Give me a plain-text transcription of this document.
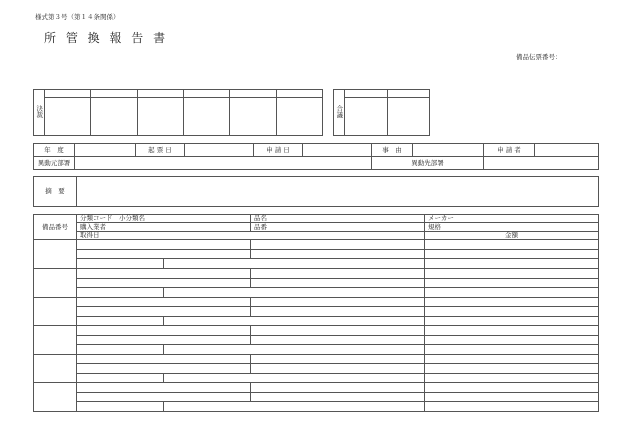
様式第３号（第１４条関係）
所 管 換 報 告 書
備品伝票番号：
決裁						
						合議		

年　度		起 票 日		申 請 日		事　由		申 請 者	
異動元部署						異動先部署			
摘　要	
備品番号	分類コード　小分類名		品名	メーカー
	購入業者		品番	規格
	取得日			金額
